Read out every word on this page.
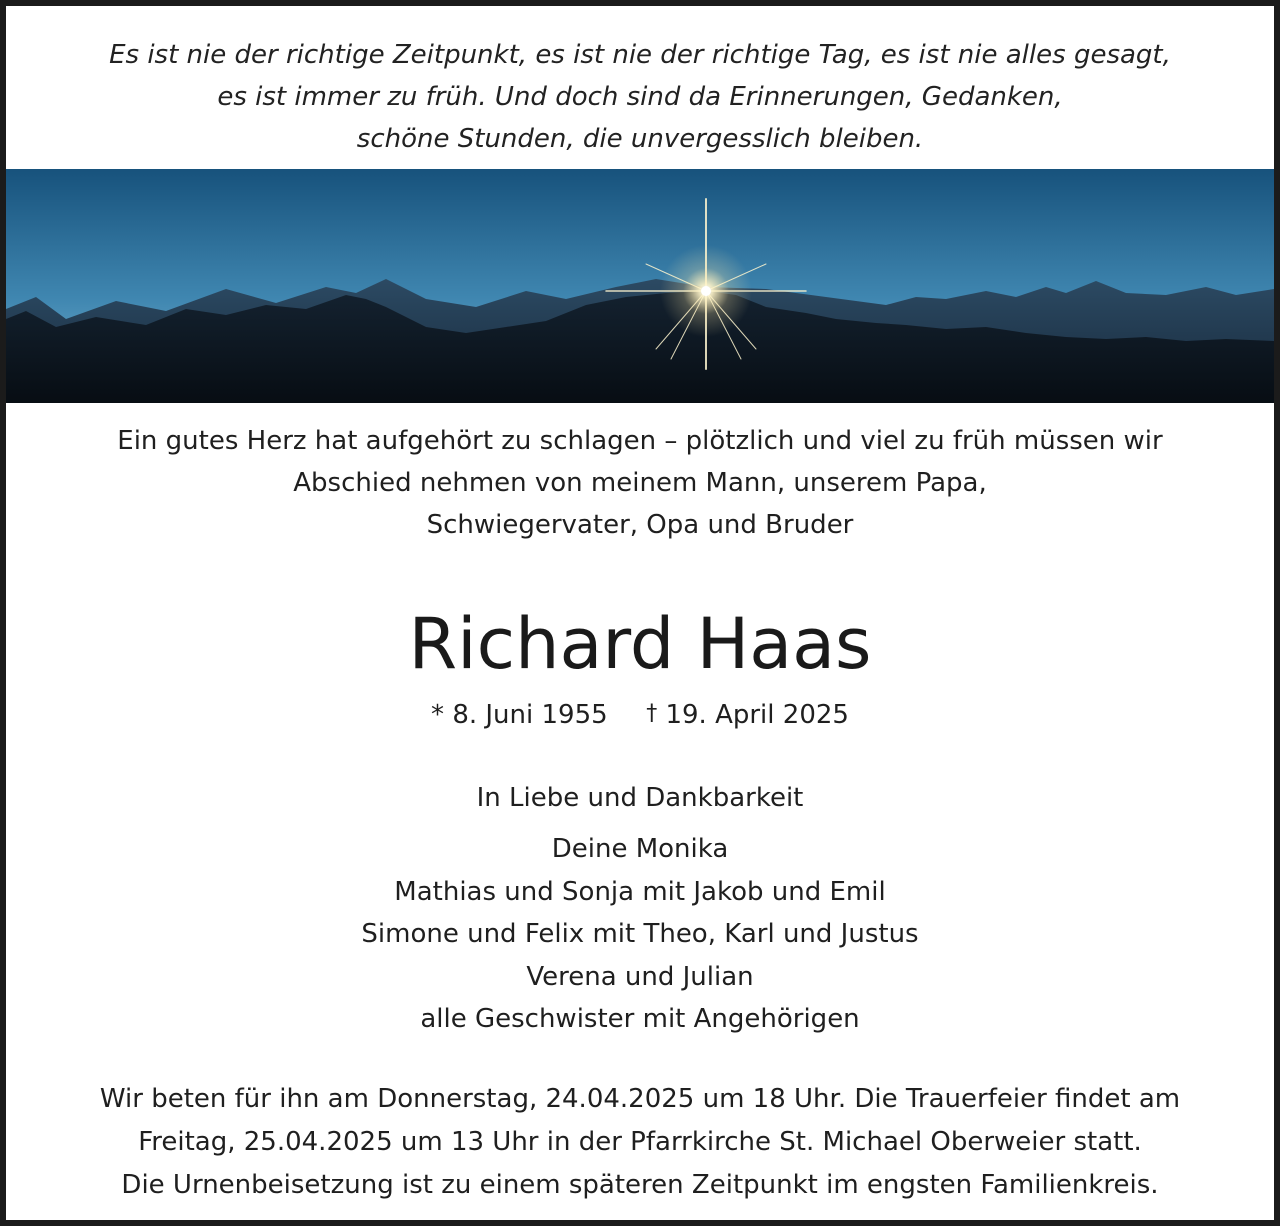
Es ist nie der richtige Zeitpunkt, es ist nie der richtige Tag, es ist nie alles gesagt,
es ist immer zu früh. Und doch sind da Erinnerungen, Gedanken,
schöne Stunden, die unvergesslich bleiben.
Ein gutes Herz hat aufgehört zu schlagen – plötzlich und viel zu früh müssen wir
Abschied nehmen von meinem Mann, unserem Papa,
Schwiegervater, Opa und Bruder
Richard Haas
* 8. Juni 1955 † 19. April 2025
In Liebe und Dankbarkeit
Deine Monika
Mathias und Sonja mit Jakob und Emil
Simone und Felix mit Theo, Karl und Justus
Verena und Julian
alle Geschwister mit Angehörigen
Wir beten für ihn am Donnerstag, 24.04.2025 um 18 Uhr. Die Trauerfeier findet am
Freitag, 25.04.2025 um 13 Uhr in der Pfarrkirche St. Michael Oberweier statt.
Die Urnenbeisetzung ist zu einem späteren Zeitpunkt im engsten Familienkreis.
